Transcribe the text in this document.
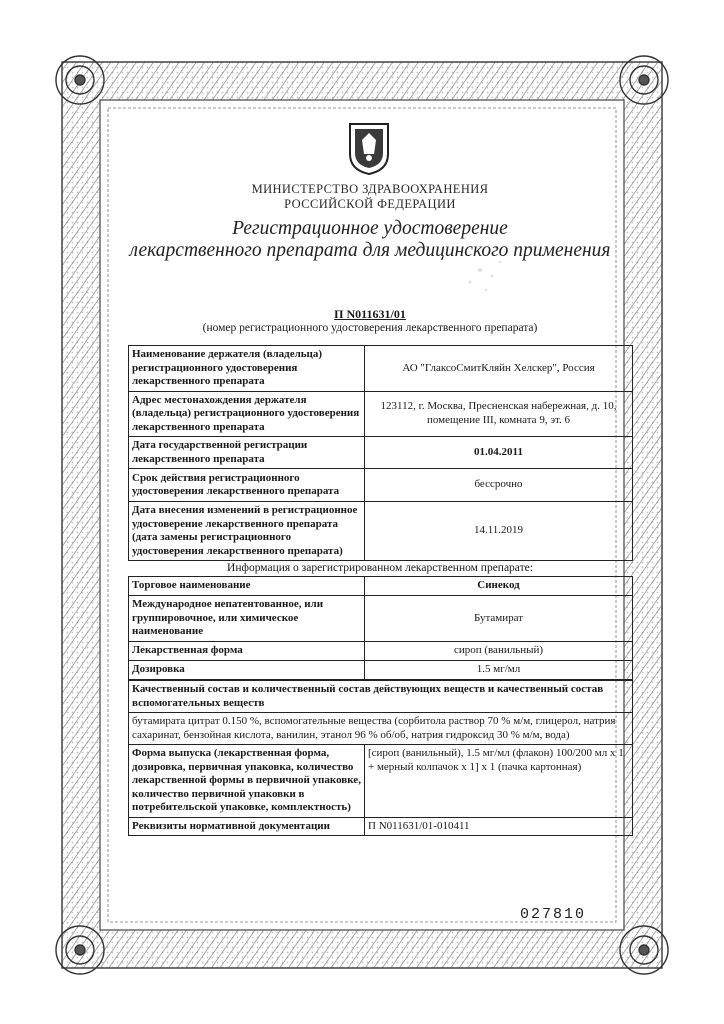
МИНИСТЕРСТВО ЗДРАВООХРАНЕНИЯ
РОССИЙСКОЙ ФЕДЕРАЦИИ
Регистрационное удостоверение
лекарственного препарата для медицинского применения
П N011631/01
(номер регистрационного удостоверения лекарственного препарата)
Наименование держателя (владельца) регистрационного удостоверения лекарственного препарата	АО "ГлаксоСмитКляйн Хелскер", Россия
Адрес местонахождения держателя (владельца) регистрационного удостоверения лекарственного препарата	123112, г. Москва, Пресненская набережная, д. 10, помещение III, комната 9, эт. 6
Дата государственной регистрации лекарственного препарата	01.04.2011
Срок действия регистрационного удостоверения лекарственного препарата	бессрочно
Дата внесения изменений в регистрационное удостоверение лекарственного препарата (дата замены регистрационного удостоверения лекарственного препарата)	14.11.2019
Информация о зарегистрированном лекарственном препарате:
Торговое наименование	Синекод
Международное непатентованное, или группировочное, или химическое наименование	Бутамират
Лекарственная форма	сироп (ванильный)
Дозировка	1.5 мг/мл
Качественный состав и количественный состав действующих веществ и качественный состав вспомогательных веществ	
бутамирата цитрат 0.150 %, вспомогательные вещества (сорбитола раствор 70 % м/м, глицерол, натрия сахаринат, бензойная кислота, ванилин, этанол 96 % об/об, натрия гидроксид 30 % м/м, вода)	
Форма выпуска (лекарственная форма, дозировка, первичная упаковка, количество лекарственной формы в первичной упаковке, количество первичной упаковки в потребительской упаковке, комплектность)	[сироп (ванильный), 1.5 мг/мл (флакон) 100/200 мл x 1 + мерный колпачок x 1] x 1 (пачка картонная)
Реквизиты нормативной документации	П N011631/01-010411
027810
